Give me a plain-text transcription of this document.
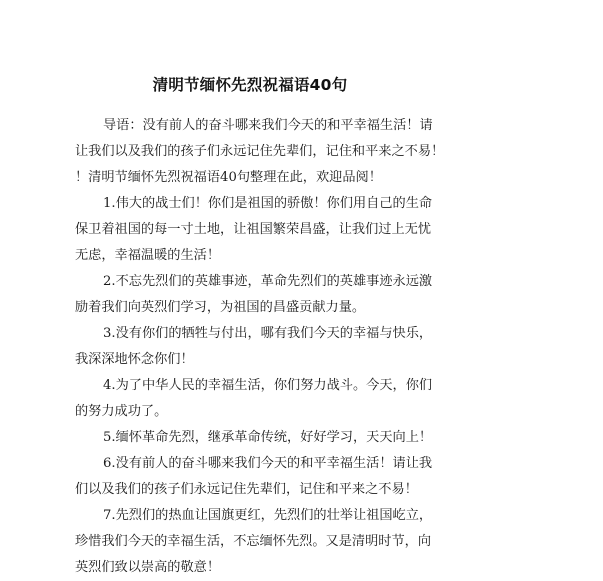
清明节缅怀先烈祝福语40句
导语：没有前人的奋斗哪来我们今天的和平幸福生活！请
让我们以及我们的孩子们永远记住先辈们，记住和平来之不易！
！清明节缅怀先烈祝福语40句整理在此，欢迎品阅！
1.伟大的战士们！你们是祖国的骄傲！你们用自己的生命
保卫着祖国的每一寸土地，让祖国繁荣昌盛，让我们过上无忧
无虑，幸福温暖的生活！
2.不忘先烈们的英雄事迹，革命先烈们的英雄事迹永远激
励着我们向英烈们学习，为祖国的昌盛贡献力量。
3.没有你们的牺牲与付出，哪有我们今天的幸福与快乐，
我深深地怀念你们！
4.为了中华人民的幸福生活，你们努力战斗。今天，你们
的努力成功了。
5.缅怀革命先烈，继承革命传统，好好学习，天天向上！
6.没有前人的奋斗哪来我们今天的和平幸福生活！请让我
们以及我们的孩子们永远记住先辈们，记住和平来之不易！
7.先烈们的热血让国旗更红，先烈们的壮举让祖国屹立，
珍惜我们今天的幸福生活，不忘缅怀先烈。又是清明时节，向
英烈们致以崇高的敬意！
